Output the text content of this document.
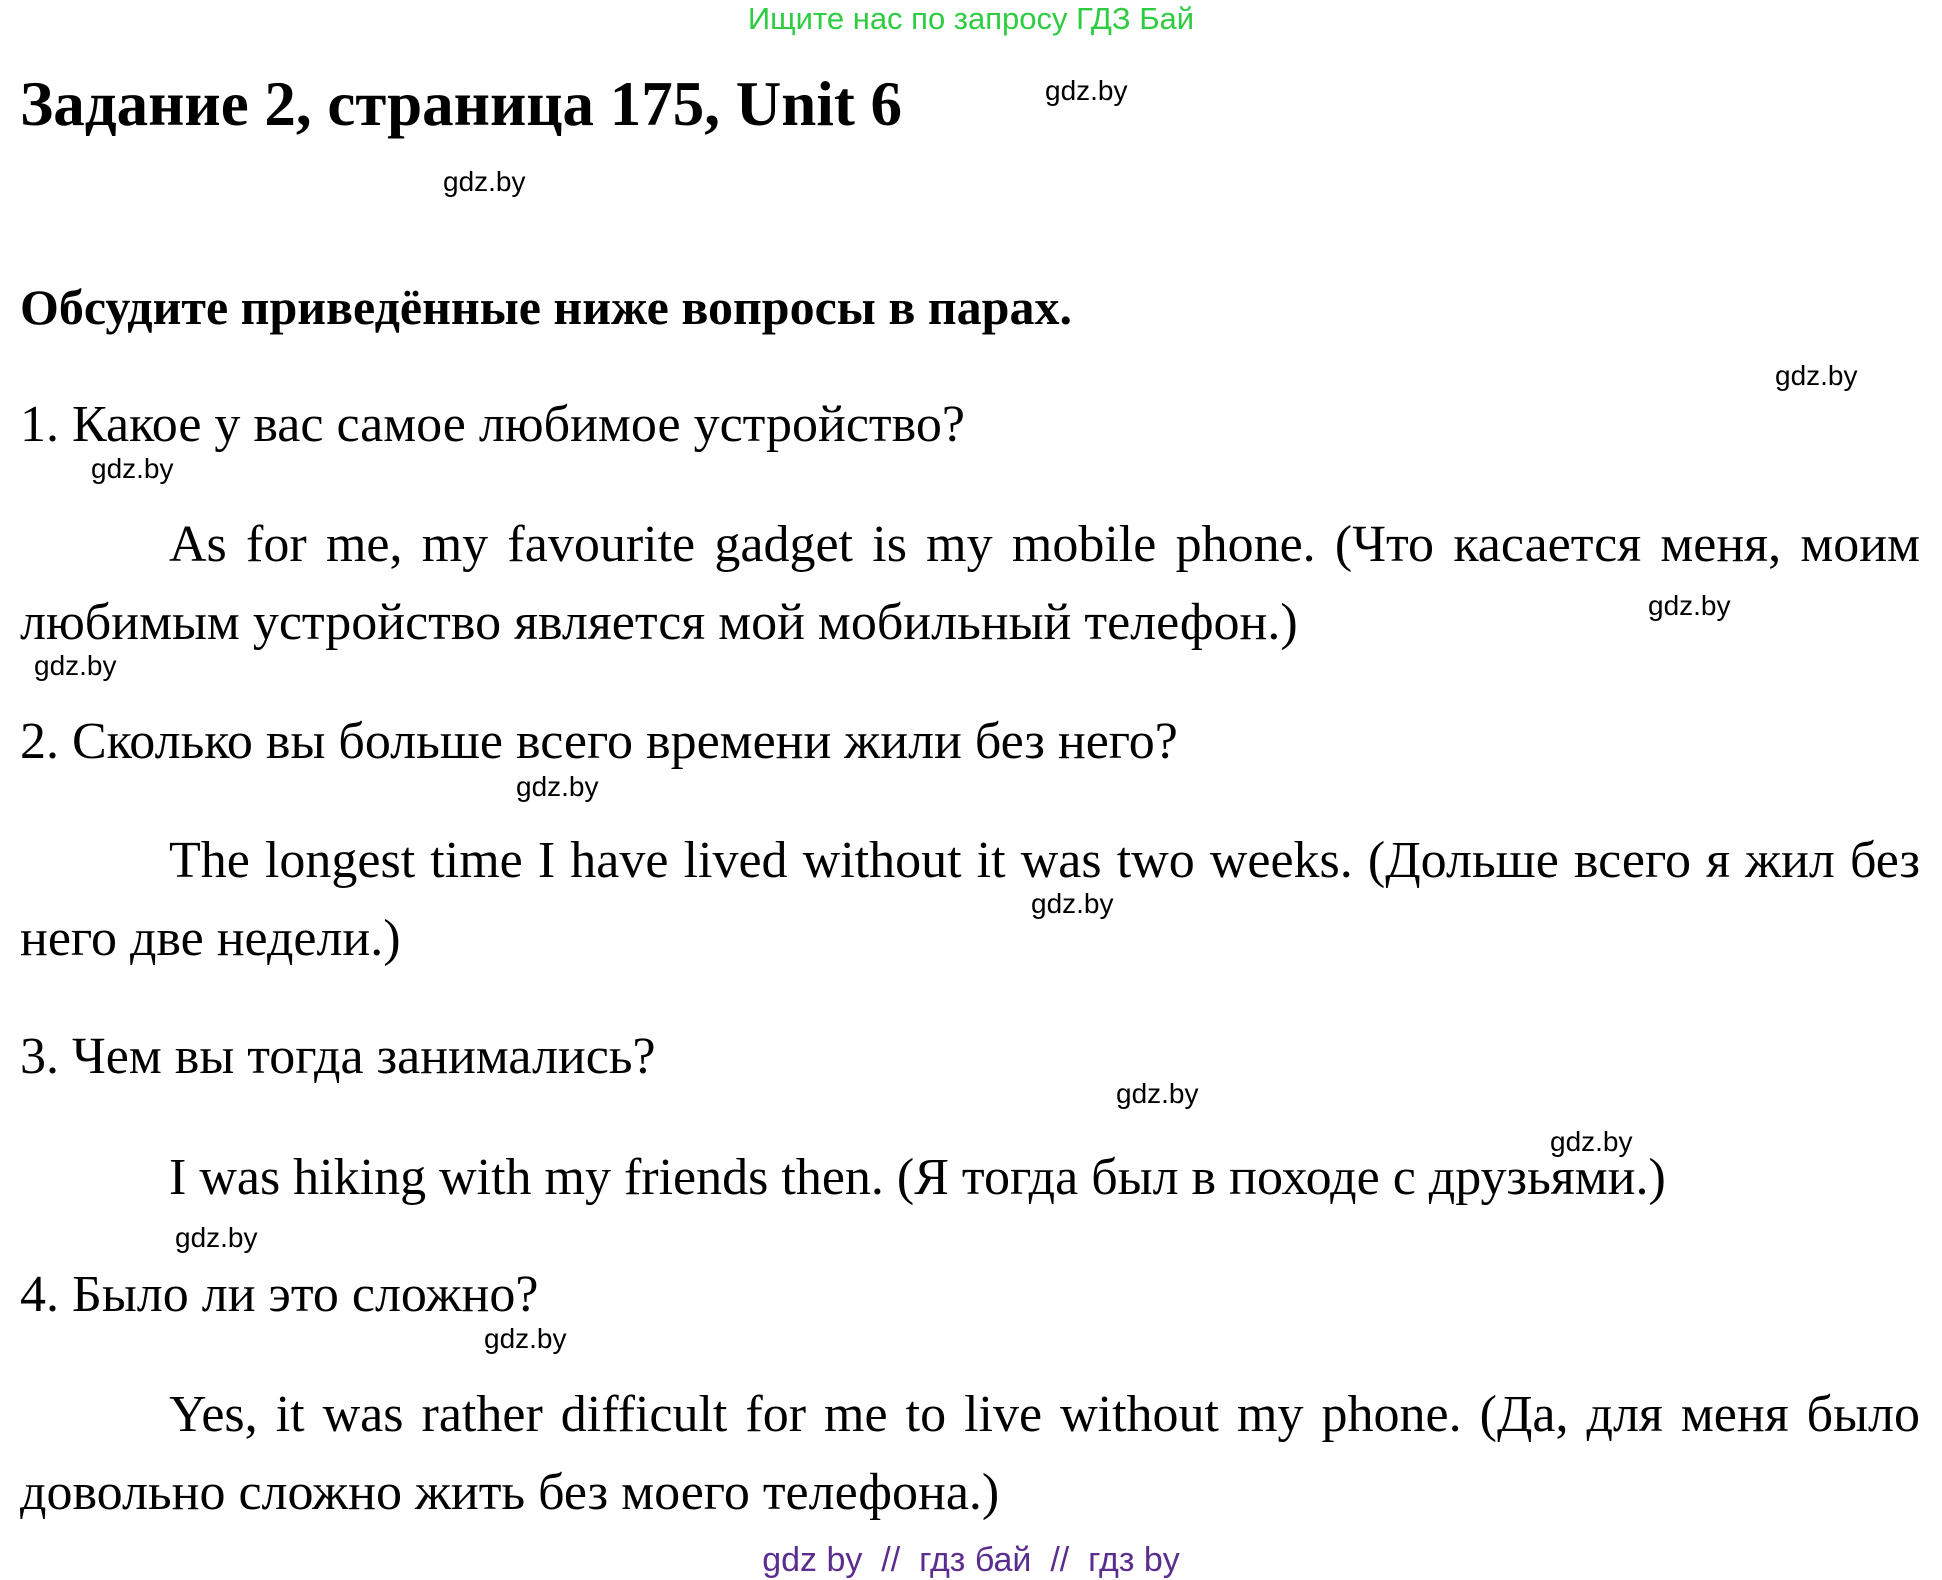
Ищите нас по запросу ГДЗ Бай
Задание 2, страница 175, Unit 6

Обсудите приведённые ниже вопросы в парах.

1. Какое у вас самое любимое устройство?

As for me, my favourite gadget is my mobile phone. (Что касается меня, моим любимым устройство является мой мобильный телефон.)

2. Сколько вы больше всего времени жили без него?

The longest time I have lived without it was two weeks. (Дольше всего я жил без него две недели.)

3. Чем вы тогда занимались?

I was hiking with my friends then. (Я тогда был в походе с друзьями.)

4. Было ли это сложно?

Yes, it was rather difficult for me to live without my phone. (Да, для меня было довольно сложно жить без моего телефона.)

gdz.by
gdz.by
gdz.by
gdz.by
gdz.by
gdz.by
gdz.by
gdz.by
gdz.by
gdz.by
gdz.by
gdz.by
gdz by  //  гдз бай  //  гдз by
